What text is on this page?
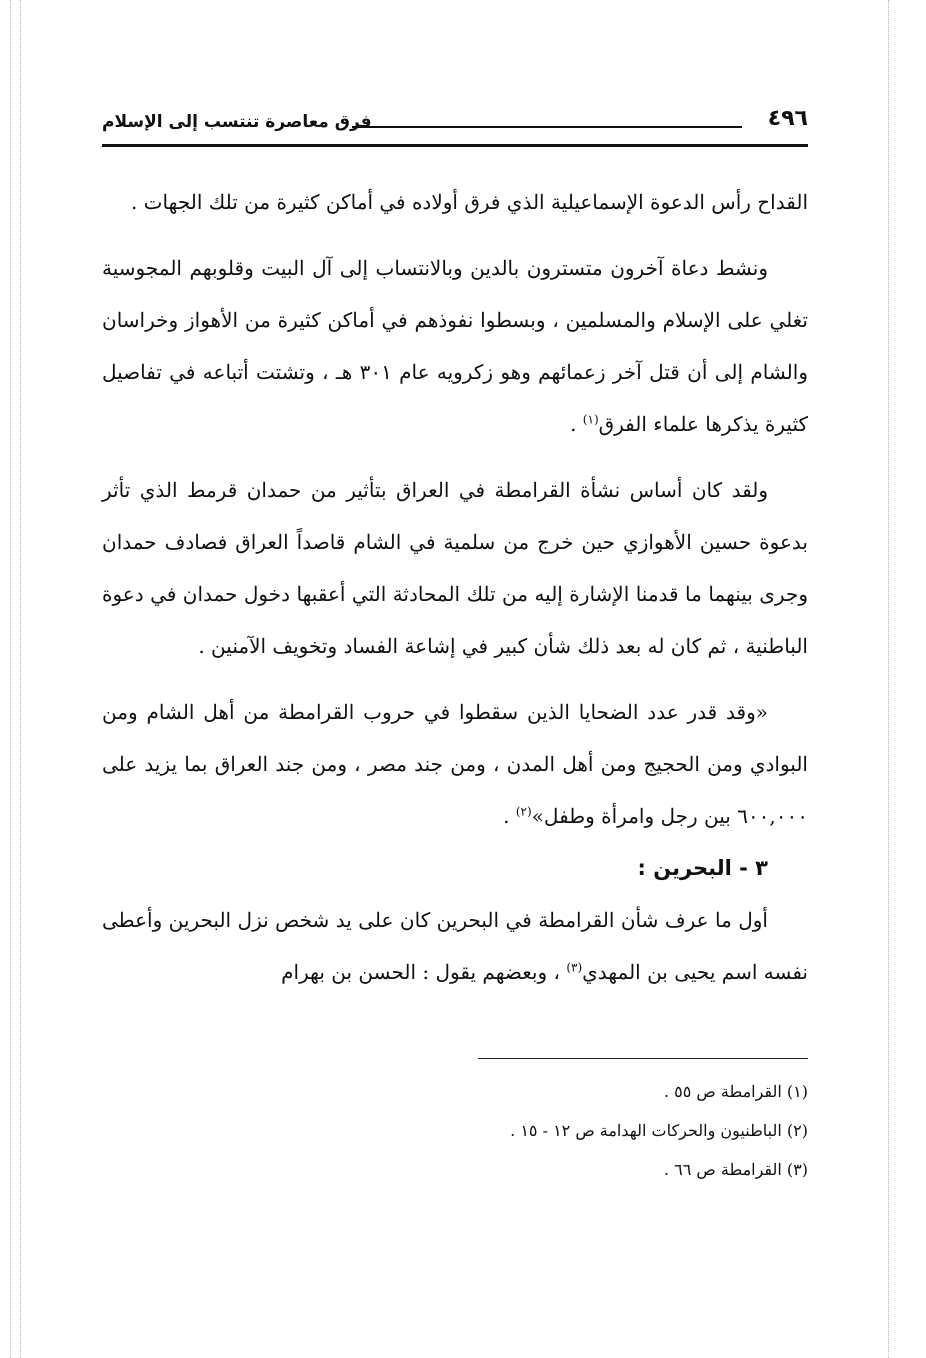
٤٩٦
فرق معاصرة تنتسب إلى الإسلام

القداح رأس الدعوة الإسماعيلية الذي فرق أولاده في أماكن كثيرة من تلك الجهات .

ونشط دعاة آخرون متسترون بالدين وبالانتساب إلى آل البيت وقلوبهم المجوسية تغلي على الإسلام والمسلمين ، وبسطوا نفوذهم في أماكن كثيرة من الأهواز وخراسان والشام إلى أن قتل آخر زعمائهم وهو زكرويه عام ٣٠١ هـ ، وتشتت أتباعه في تفاصيل كثيرة يذكرها علماء الفرق$^{(١)}$ .

ولقد كان أساس نشأة القرامطة في العراق بتأثير من حمدان قرمط الذي تأثر بدعوة حسين الأهوازي حين خرج من سلمية في الشام قاصداً العراق فصادف حمدان وجرى بينهما ما قدمنا الإشارة إليه من تلك المحادثة التي أعقبها دخول حمدان في دعوة الباطنية ، ثم كان له بعد ذلك شأن كبير في إشاعة الفساد وتخويف الآمنين .

«وقد قدر عدد الضحايا الذين سقطوا في حروب القرامطة من أهل الشام ومن البوادي ومن الحجيج ومن أهل المدن ، ومن جند مصر ، ومن جند العراق بما يزيد على ٦٠٠,٠٠٠ بين رجل وامرأة وطفل»$^{(٢)}$ .

٣ - البحرين :

أول ما عرف شأن القرامطة في البحرين كان على يد شخص نزل البحرين وأعطى نفسه اسم يحيى بن المهدي$^{(٣)}$ ، وبعضهم يقول : الحسن بن بهرام

(١) القرامطة ص ٥٥ .

(٢) الباطنيون والحركات الهدامة ص ١٢ - ١٥ .

(٣) القرامطة ص ٦٦ .
